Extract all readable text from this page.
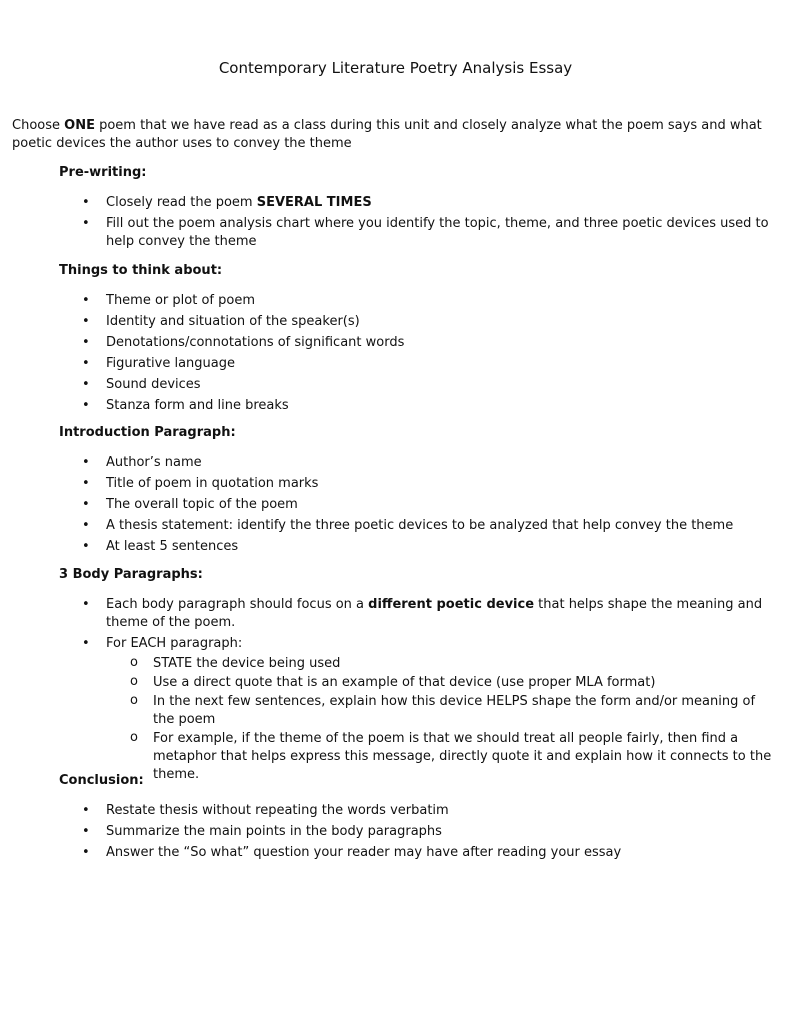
Contemporary Literature Poetry Analysis Essay
Choose ONE poem that we have read as a class during this unit and closely analyze what the poem says and what poetic devices the author uses to convey the theme

Pre-writing:

• Closely read the poem SEVERAL TIMES
• Fill out the poem analysis chart where you identify the topic, theme, and three poetic devices used to help convey the theme

Things to think about:

• Theme or plot of poem
• Identity and situation of the speaker(s)
• Denotations/connotations of significant words
• Figurative language
• Sound devices
• Stanza form and line breaks

Introduction Paragraph:

• Author’s name
• Title of poem in quotation marks
• The overall topic of the poem
• A thesis statement: identify the three poetic devices to be analyzed that help convey the theme
• At least 5 sentences

3 Body Paragraphs:

• Each body paragraph should focus on a different poetic device that helps shape the meaning and theme of the poem.
• For EACH paragraph:
o STATE the device being used
o Use a direct quote that is an example of that device (use proper MLA format)
o In the next few sentences, explain how this device HELPS shape the form and/or meaning of the poem
o For example, if the theme of the poem is that we should treat all people fairly, then find a metaphor that helps express this message, directly quote it and explain how it connects to the theme.

Conclusion:

• Restate thesis without repeating the words verbatim
• Summarize the main points in the body paragraphs
• Answer the “So what” question your reader may have after reading your essay
